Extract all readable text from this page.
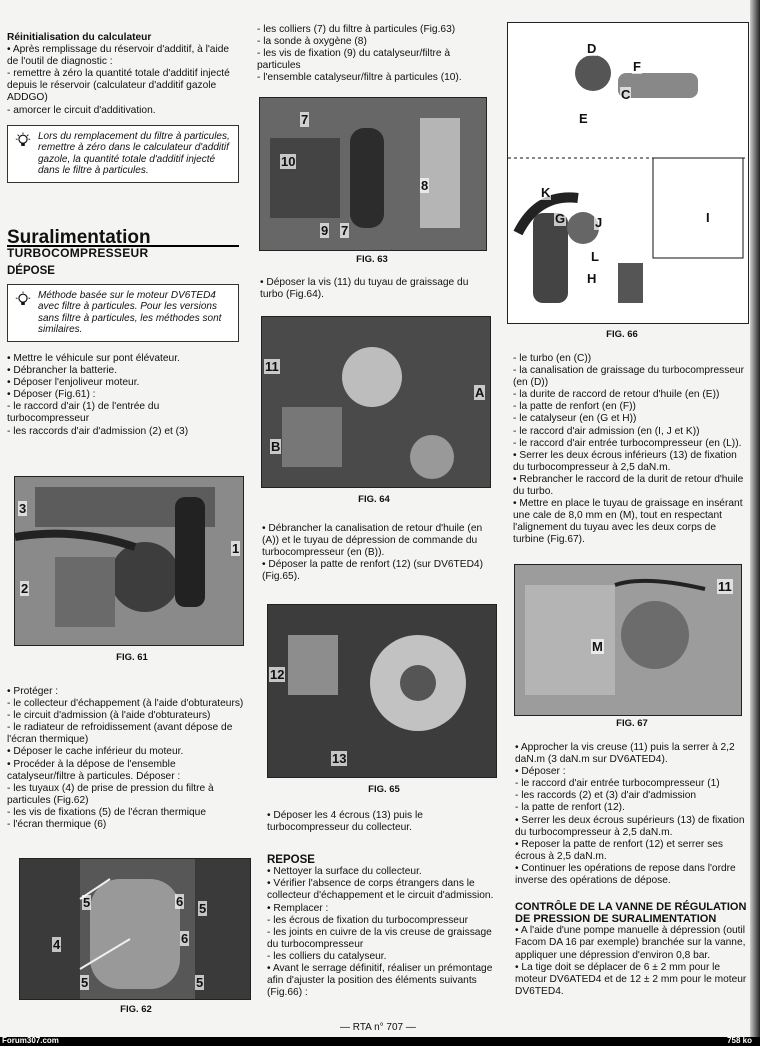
Réinitialisation du calculateur

• Après remplissage du réservoir d'additif, à l'aide de l'outil de diagnostic :

- remettre à zéro la quantité totale d'additif injecté depuis le réservoir (calculateur d'additif gazole ADDGO)

- amorcer le circuit d'additivation.

Lors du remplacement du filtre à particules, remettre à zéro dans le calculateur d'additif gazole, la quantité totale d'additif injecté dans le filtre à particules.

Suralimentation

TURBOCOMPRESSEUR

DÉPOSE

Méthode basée sur le moteur DV6TED4 avec filtre à particules. Pour les versions sans filtre à particules, les méthodes sont similaires.

• Mettre le véhicule sur pont élévateur.

• Débrancher la batterie.

• Déposer l'enjoliveur moteur.

• Déposer (Fig.61) :

- le raccord d'air (1) de l'entrée du turbocompresseur

- les raccords d'air d'admission (2) et (3)

3
2
1
FIG. 61

• Protéger :

- le collecteur d'échappement (à l'aide d'obturateurs)

- le circuit d'admission (à l'aide d'obturateurs)

- le radiateur de refroidissement (avant dépose de l'écran thermique)

• Déposer le cache inférieur du moteur.

• Procéder à la dépose de l'ensemble catalyseur/filtre à particules. Déposer :

- les tuyaux (4) de prise de pression du filtre à particules (Fig.62)

- les vis de fixations (5) de l'écran thermique

- l'écran thermique (6)

5
4
5
6 5
6
5
FIG. 62

- les colliers (7) du filtre à particules (Fig.63)

- la sonde à oxygène (8)

- les vis de fixation (9) du catalyseur/filtre à particules

- l'ensemble catalyseur/filtre à particules (10).

7
10
8
9 7
FIG. 63

• Déposer la vis (11) du tuyau de graissage du turbo (Fig.64).

11
A
B
FIG. 64

• Débrancher la canalisation de retour d'huile (en (A)) et le tuyau de dépression de commande du turbocompresseur (en (B)).

• Déposer la patte de renfort (12) (sur DV6TED4) (Fig.65).

12
13
FIG. 65

• Déposer les 4 écrous (13) puis le turbocompresseur du collecteur.

REPOSE

• Nettoyer la surface du collecteur.

• Vérifier l'absence de corps étrangers dans le collecteur d'échappement et le circuit d'admission.

• Remplacer :

- les écrous de fixation du turbocompresseur

- les joints en cuivre de la vis creuse de graissage du turbocompresseur

- les colliers du catalyseur.

• Avant le serrage définitif, réaliser un prémontage afin d'ajuster la position des éléments suivants (Fig.66) :

— RTA n° 707 —
D
F
C
E
K
G J	I
L
H
FIG. 66

- le turbo (en (C))

- la canalisation de graissage du turbocompresseur (en (D))

- la durite de raccord de retour d'huile (en (E))

- la patte de renfort (en (F))

- le catalyseur (en (G et H))

- le raccord d'air admission (en (I, J et K))

- le raccord d'air entrée turbocompresseur (en (L)).

• Serrer les deux écrous inférieurs (13) de fixation du turbocompresseur à 2,5 daN.m.

• Rebrancher le raccord de la durit de retour d'huile du turbo.

• Mettre en place le tuyau de graissage en insérant une cale de 8,0 mm en (M), tout en respectant l'alignement du tuyau avec les deux corps de turbine (Fig.67).

11
M
FIG. 67

• Approcher la vis creuse (11) puis la serrer à 2,2 daN.m (3 daN.m sur DV6ATED4).

• Déposer :

- le raccord d'air entrée turbocompresseur (1)

- les raccords (2) et (3) d'air d'admission

- la patte de renfort (12).

• Serrer les deux écrous supérieurs (13) de fixation du turbocompresseur à 2,5 daN.m.

• Reposer la patte de renfort (12) et serrer ses écrous à 2,5 daN.m.

• Continuer les opérations de repose dans l'ordre inverse des opérations de dépose.

CONTRÔLE DE LA VANNE DE RÉGULATION DE PRESSION DE SURALIMENTATION

• A l'aide d'une pompe manuelle à dépression (outil Facom DA 16 par exemple) branchée sur la vanne, appliquer une dépression d'environ 0,8 bar.

• La tige doit se déplacer de 6 ± 2 mm pour le moteur DV6ATED4 et de 12 ± 2 mm pour le moteur DV6TED4.

Forum307.com	758 ko
